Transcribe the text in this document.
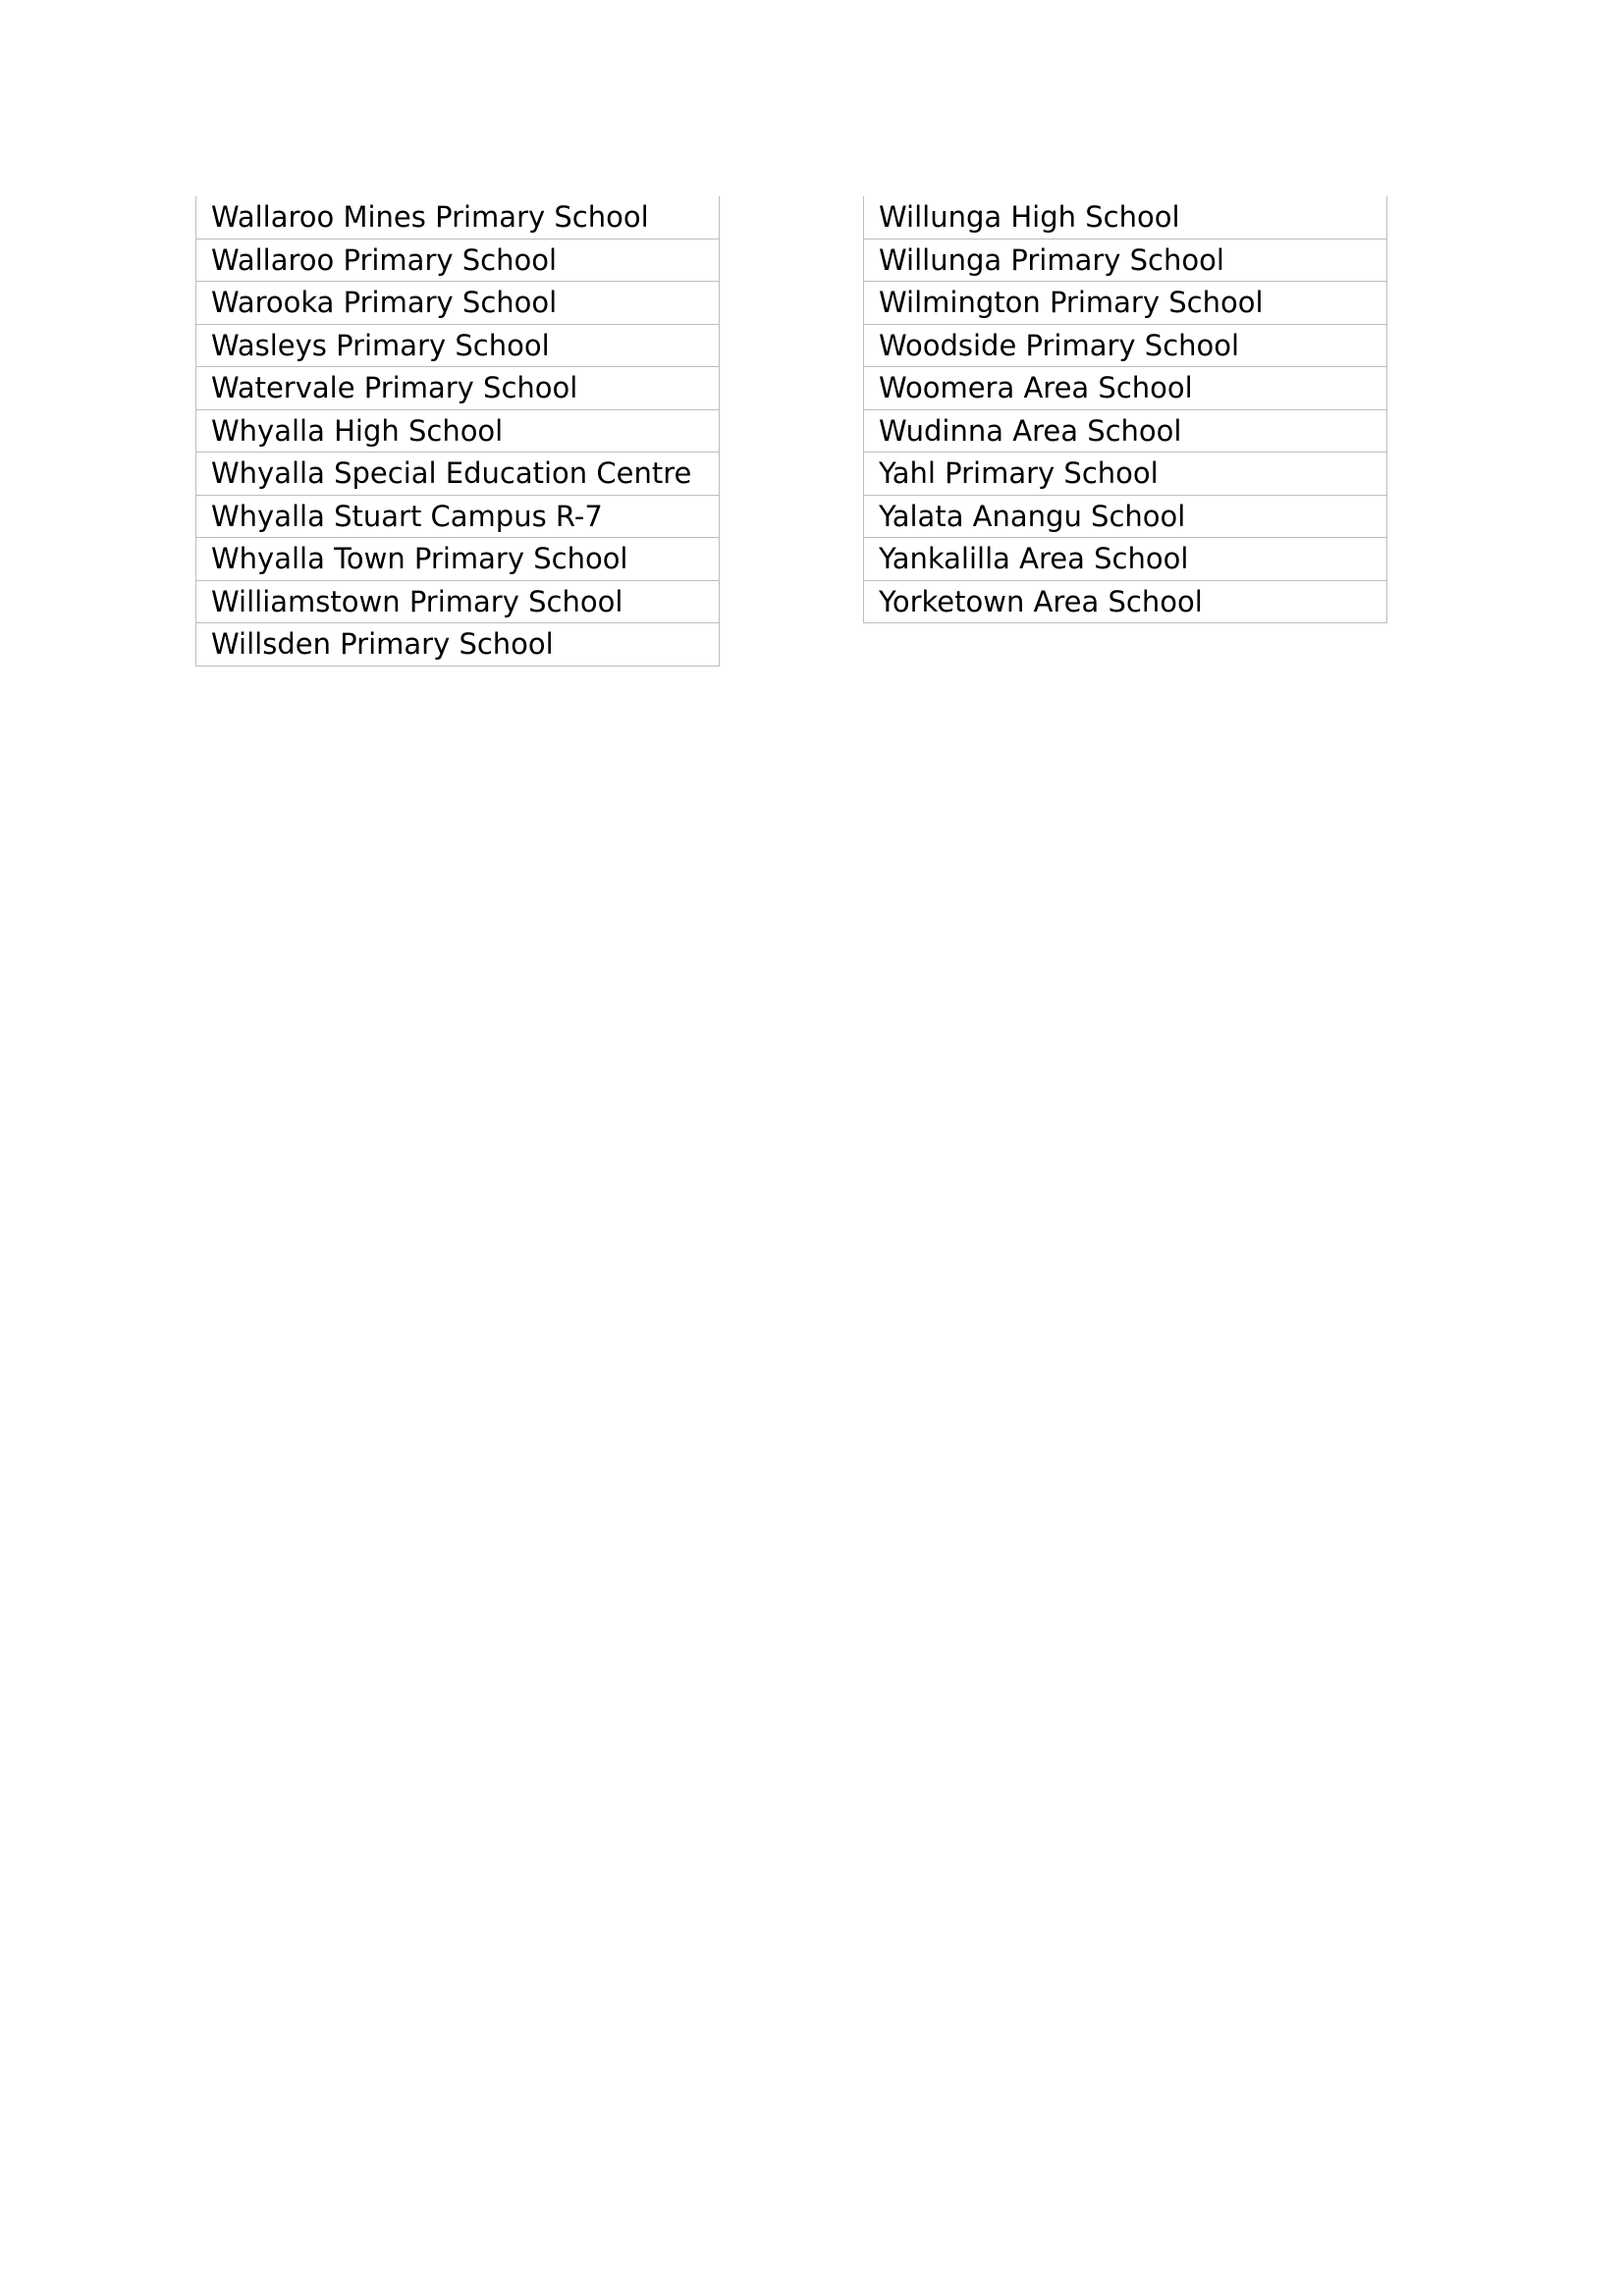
Wallaroo Mines Primary School
Wallaroo Primary School
Warooka Primary School
Wasleys Primary School
Watervale Primary School
Whyalla High School
Whyalla Special Education Centre
Whyalla Stuart Campus R-7
Whyalla Town Primary School
Williamstown Primary School
Willsden Primary School
Willunga High School
Willunga Primary School
Wilmington Primary School
Woodside Primary School
Woomera Area School
Wudinna Area School
Yahl Primary School
Yalata Anangu School
Yankalilla Area School
Yorketown Area School
